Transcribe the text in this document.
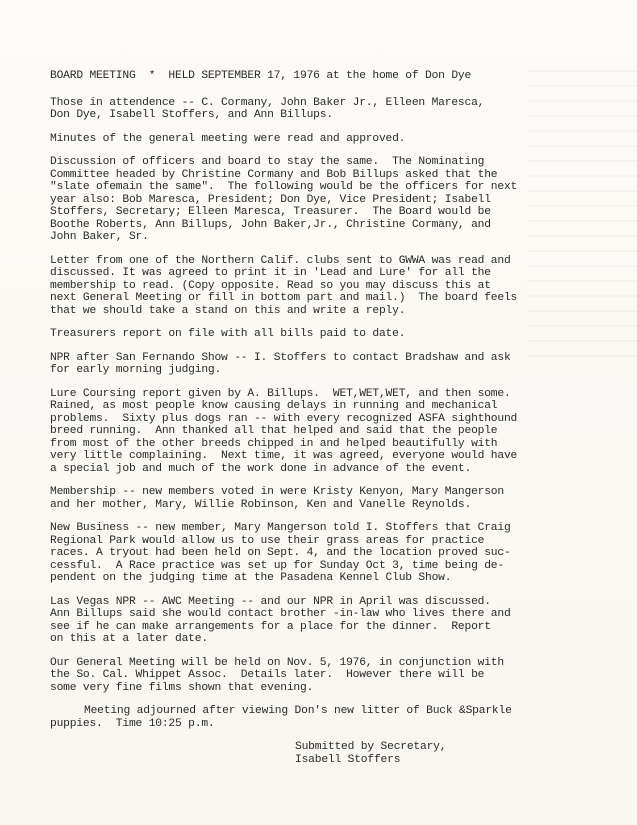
BOARD MEETING  *  HELD SEPTEMBER 17, 1976 at the home of Don Dye
Those in attendence -- C. Cormany, John Baker Jr., Elleen Maresca,
Don Dye, Isabell Stoffers, and Ann Billups.
Minutes of the general meeting were read and approved.
Discussion of officers and board to stay the same.  The Nominating
Committee headed by Christine Cormany and Bob Billups asked that the
"slate ofemain the same".  The following would be the officers for next
year also: Bob Maresca, President; Don Dye, Vice President; Isabell
Stoffers, Secretary; Elleen Maresca, Treasurer.  The Board would be
Boothe Roberts, Ann Billups, John Baker,Jr., Christine Cormany, and
John Baker, Sr.
Letter from one of the Northern Calif. clubs sent to GWWA was read and
discussed. It was agreed to print it in 'Lead and Lure' for all the
membership to read. (Copy opposite. Read so you may discuss this at
next General Meeting or fill in bottom part and mail.)  The board feels
that we should take a stand on this and write a reply.
Treasurers report on file with all bills paid to date.
NPR after San Fernando Show -- I. Stoffers to contact Bradshaw and ask
for early morning judging.
Lure Coursing report given by A. Billups.  WET,WET,WET, and then some.
Rained, as most people know causing delays in running and mechanical
problems.  Sixty plus dogs ran -- with every recognized ASFA sighthound
breed running.  Ann thanked all that helped and said that the people
from most of the other breeds chipped in and helped beautifully with
very little complaining.  Next time, it was agreed, everyone would have
a special job and much of the work done in advance of the event.
Membership -- new members voted in were Kristy Kenyon, Mary Mangerson
and her mother, Mary, Willie Robinson, Ken and Vanelle Reynolds.
New Business -- new member, Mary Mangerson told I. Stoffers that Craig
Regional Park would allow us to use their grass areas for practice
races. A tryout had been held on Sept. 4, and the location proved suc-
cessful.  A Race practice was set up for Sunday Oct 3, time being de-
pendent on the judging time at the Pasadena Kennel Club Show.
Las Vegas NPR -- AWC Meeting -- and our NPR in April was discussed.
Ann Billups said she would contact brother -in-law who lives there and
see if he can make arrangements for a place for the dinner.  Report
on this at a later date.
Our General Meeting will be held on Nov. 5, 1976, in conjunction with
the So. Cal. Whippet Assoc.  Details later.  However there will be
some very fine films shown that evening.
Meeting adjourned after viewing Don's new litter of Buck &Sparkle
puppies.  Time 10:25 p.m.
Submitted by Secretary,
Isabell Stoffers
